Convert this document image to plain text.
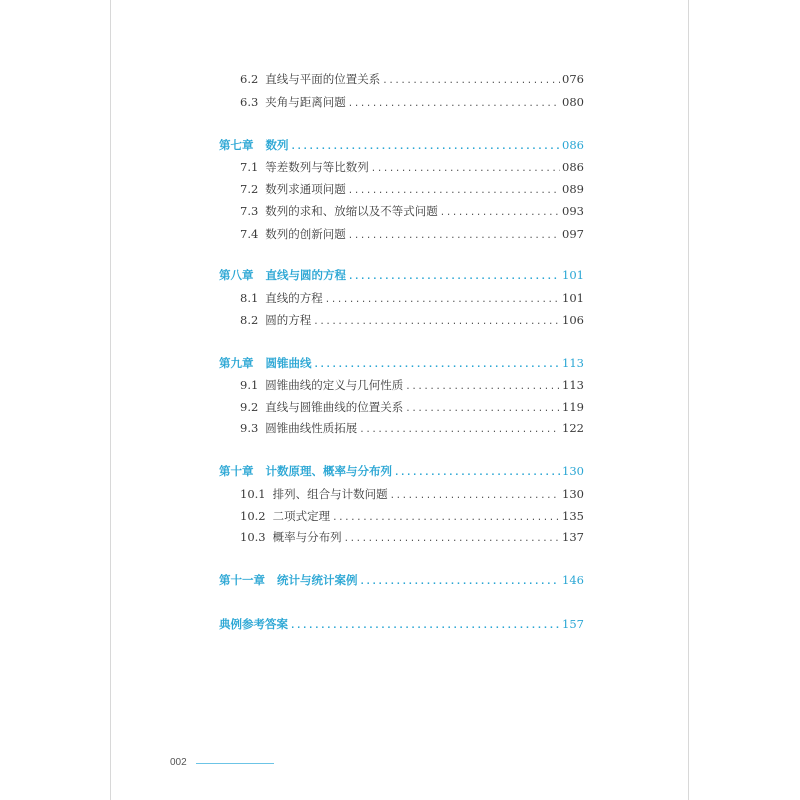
6.2 直线与平面的位置关系 .....	076
6.3 夹角与距离问题 .....	080
第七章	数列 .....	086
7.1 等差数列与等比数列 .....	086
7.2 数列求通项问题 .....	089
7.3 数列的求和、放缩以及不等式问题 .....	093
7.4 数列的创新问题 .....	097
第八章	直线与圆的方程 .....	101
8.1 直线的方程 .....	101
8.2 圆的方程 .....	106
第九章	圆锥曲线 .....	113
9.1 圆锥曲线的定义与几何性质 .....	113
9.2 直线与圆锥曲线的位置关系 .....	119
9.3 圆锥曲线性质拓展 .....	122
第十章	计数原理、概率与分布列 .....	130
10.1 排列、组合与计数问题 .....	130
10.2 二项式定理 .....	135
10.3 概率与分布列 .....	137
第十一章	统计与统计案例 .....	146
典例参考答案 .....	157
002
